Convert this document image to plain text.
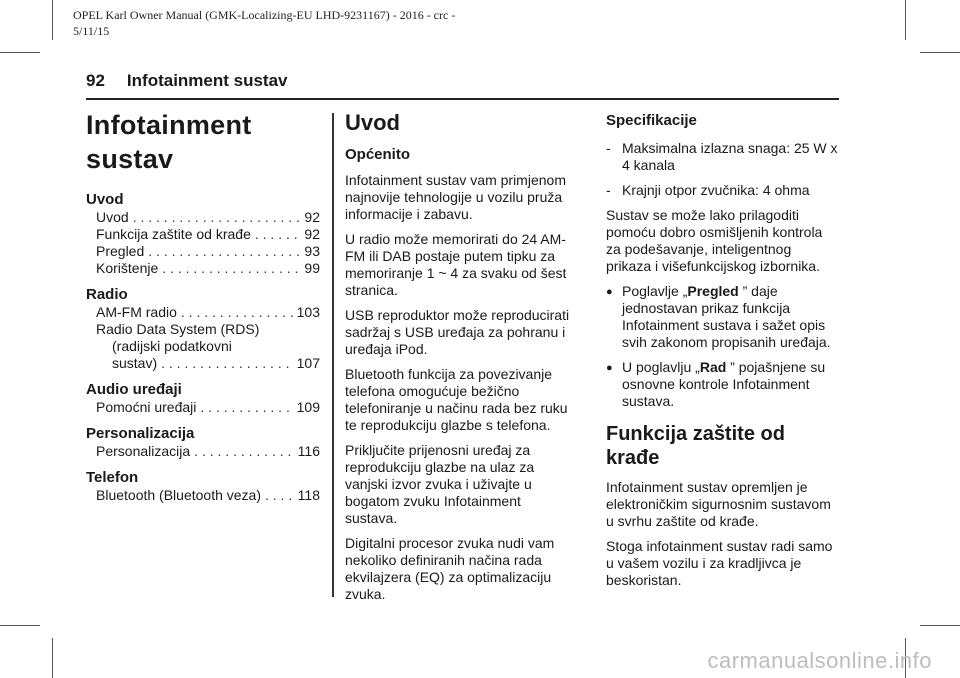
OPEL Karl Owner Manual (GMK-Localizing-EU LHD-9231167) - 2016 - crc -
5/11/15
92 Infotainment sustav
Infotainment
sustav
Uvod
Uvod . . .	92
Funkcija zaštite od krađe . . .	92
Pregled . . .	93
Korištenje . . .	99
Radio
AM-FM radio . . .	103
Radio Data System (RDS)
(radijski podatkovni
sustav) . . .	107
Audio uređaji
Pomoćni uređaji . . .	109
Personalizacija
Personalizacija . . .	116
Telefon
Bluetooth (Bluetooth veza) . . .	118
Uvod
Općenito

Infotainment sustav vam primjenom najnovije tehnologije u vozilu pruža informacije i zabavu.

U radio može memorirati do 24 AM-FM ili DAB postaje putem tipku za memoriranje 1 ~ 4 za svaku od šest stranica.

USB reproduktor može reproducirati sadržaj s USB uređaja za pohranu i uređaja iPod.

Bluetooth funkcija za povezivanje telefona omogućuje bežično telefoniranje u načinu rada bez ruku te reprodukciju glazbe s telefona.

Priključite prijenosni uređaj za reprodukciju glazbe na ulaz za vanjski izvor zvuka i uživajte u bogatom zvuku Infotainment sustava.

Digitalni procesor zvuka nudi vam nekoliko definiranih načina rada ekvilajzera (EQ) za optimalizaciju zvuka.

Specifikacije
- Maksimalna izlazna snaga: 25 W x 4 kanala
- Krajnji otpor zvučnika: 4 ohma

Sustav se može lako prilagoditi pomoću dobro osmišljenih kontrola za podešavanje, inteligentnog prikaza i višefunkcijskog izbornika.

● Poglavlje „Pregled ” daje jednostavan prikaz funkcija Infotainment sustava i sažet opis svih zakonom propisanih uređaja.
● U poglavlju „Rad ” pojašnjene su osnovne kontrole Infotainment sustava.
Funkcija zaštite od krađe

Infotainment sustav opremljen je elektroničkim sigurnosnim sustavom u svrhu zaštite od krađe.

Stoga infotainment sustav radi samo u vašem vozilu i za kradljivca je beskoristan.

carmanualsonline.info
